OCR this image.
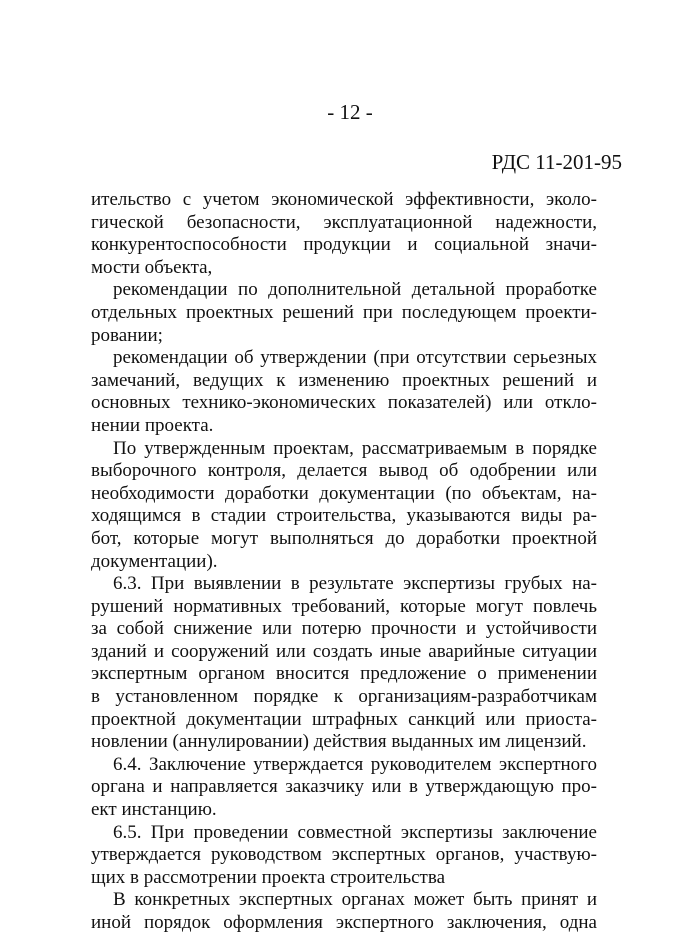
- 12 -
РДС 11-201-95
ительство с учетом экономической эффективности, эколо-
гической безопасности, эксплуатационной надежности,
конкурентоспособности продукции и социальной значи-
мости объекта,
рекомендации по дополнительной детальной проработке
отдельных проектных решений при последующем проекти-
ровании;
рекомендации об утверждении (при отсутствии серьезных
замечаний, ведущих к изменению проектных решений и
основных технико-экономических показателей) или откло-
нении проекта.
По утвержденным проектам, рассматриваемым в порядке
выборочного контроля, делается вывод об одобрении или
необходимости доработки документации (по объектам, на-
ходящимся в стадии строительства, указываются виды ра-
бот, которые могут выполняться до доработки проектной
документации).
6.3. При выявлении в результате экспертизы грубых на-
рушений нормативных требований, которые могут повлечь
за собой снижение или потерю прочности и устойчивости
зданий и сооружений или создать иные аварийные ситуации
экспертным органом вносится предложение о применении
в установленном порядке к организациям-разработчикам
проектной документации штрафных санкций или приоста-
новлении (аннулировании) действия выданных им лицензий.
6.4. Заключение утверждается руководителем экспертного
органа и направляется заказчику или в утверждающую про-
ект инстанцию.
6.5. При проведении совместной экспертизы заключение
утверждается руководством экспертных органов, участвую-
щих в рассмотрении проекта строительства
В конкретных экспертных органах может быть принят и
иной порядок оформления экспертного заключения, одна
